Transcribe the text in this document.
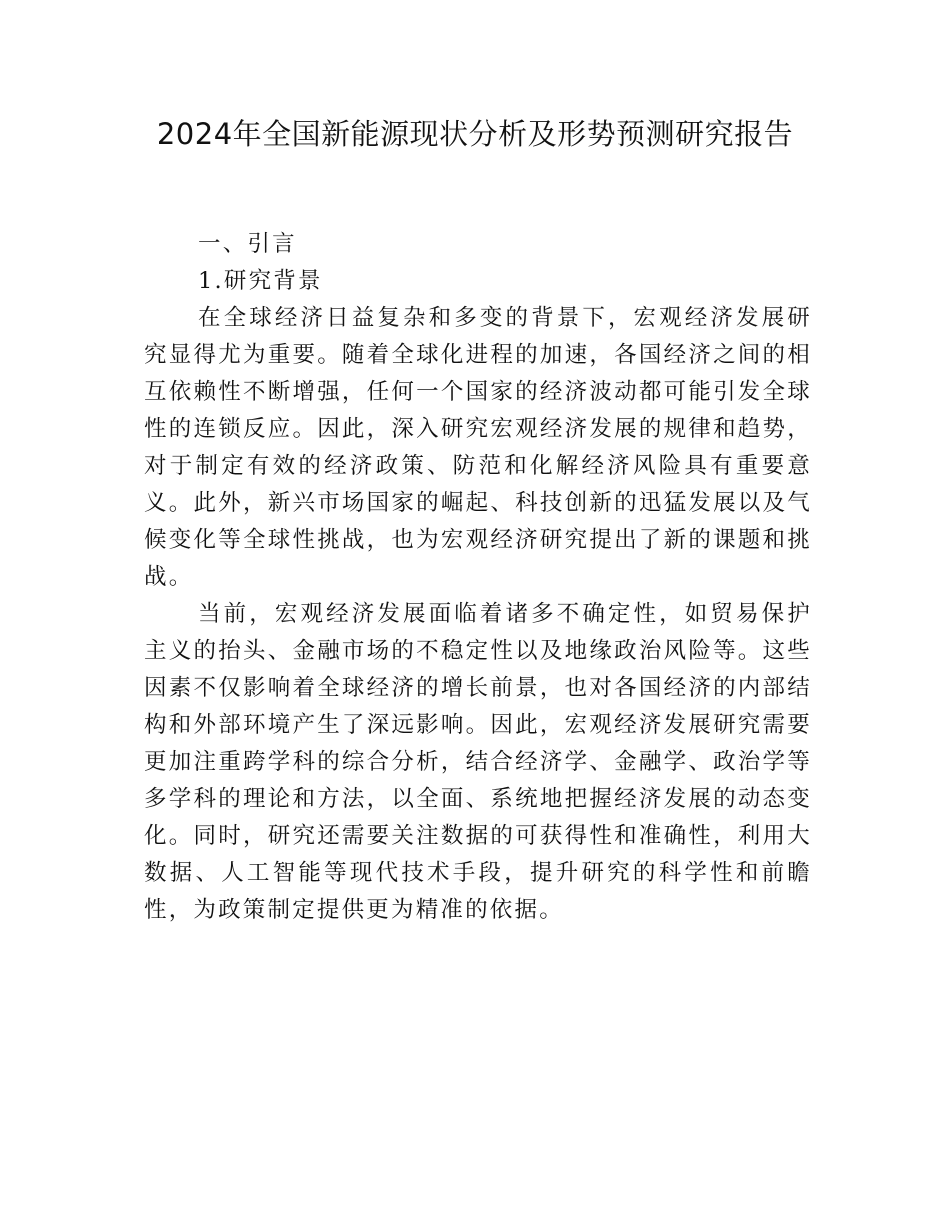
2024年全国新能源现状分析及形势预测研究报告
一、引言
1.研究背景

在全球经济日益复杂和多变的背景下，宏观经济发展研究显得尤为重要。随着全球化进程的加速，各国经济之间的相互依赖性不断增强，任何一个国家的经济波动都可能引发全球性的连锁反应。因此，深入研究宏观经济发展的规律和趋势，对于制定有效的经济政策、防范和化解经济风险具有重要意义。此外，新兴市场国家的崛起、科技创新的迅猛发展以及气候变化等全球性挑战，也为宏观经济研究提出了新的课题和挑战。

当前，宏观经济发展面临着诸多不确定性，如贸易保护主义的抬头、金融市场的不稳定性以及地缘政治风险等。这些因素不仅影响着全球经济的增长前景，也对各国经济的内部结构和外部环境产生了深远影响。因此，宏观经济发展研究需要更加注重跨学科的综合分析，结合经济学、金融学、政治学等多学科的理论和方法，以全面、系统地把握经济发展的动态变化。同时，研究还需要关注数据的可获得性和准确性，利用大数据、人工智能等现代技术手段，提升研究的科学性和前瞻性，为政策制定提供更为精准的依据。
